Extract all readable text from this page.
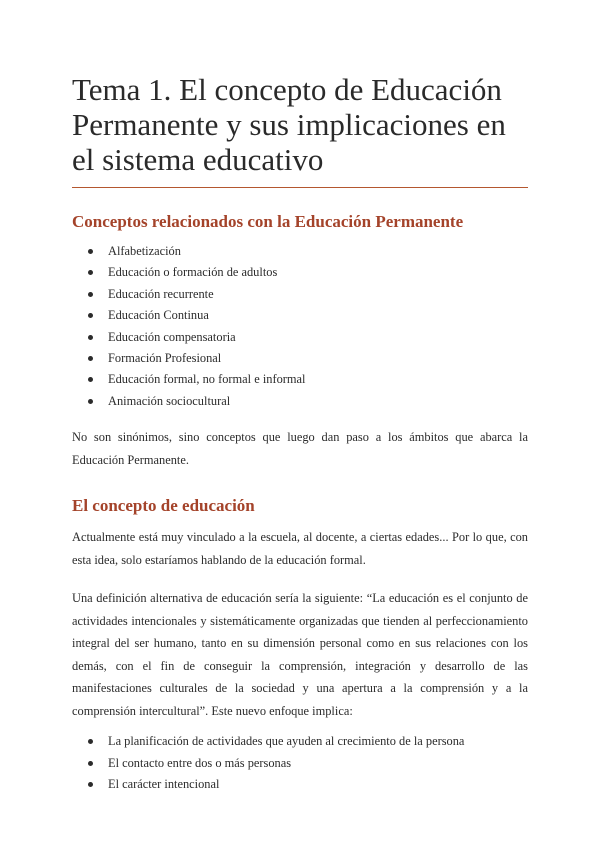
Tema 1. El concepto de Educación Permanente y sus implicaciones en el sistema educativo
Conceptos relacionados con la Educación Permanente
Alfabetización
Educación o formación de adultos
Educación recurrente
Educación Continua
Educación compensatoria
Formación Profesional
Educación formal, no formal e informal
Animación sociocultural

No son sinónimos, sino conceptos que luego dan paso a los ámbitos que abarca la Educación Permanente.

El concepto de educación

Actualmente está muy vinculado a la escuela, al docente, a ciertas edades... Por lo que, con esta idea, solo estaríamos hablando de la educación formal.

Una definición alternativa de educación sería la siguiente: “La educación es el conjunto de actividades intencionales y sistemáticamente organizadas que tienden al perfeccionamiento integral del ser humano, tanto en su dimensión personal como en sus relaciones con los demás, con el fin de conseguir la comprensión, integración y desarrollo de las manifestaciones culturales de la sociedad y una apertura a la comprensión y a la comprensión intercultural”. Este nuevo enfoque implica:

La planificación de actividades que ayuden al crecimiento de la persona
El contacto entre dos o más personas
El carácter intencional
